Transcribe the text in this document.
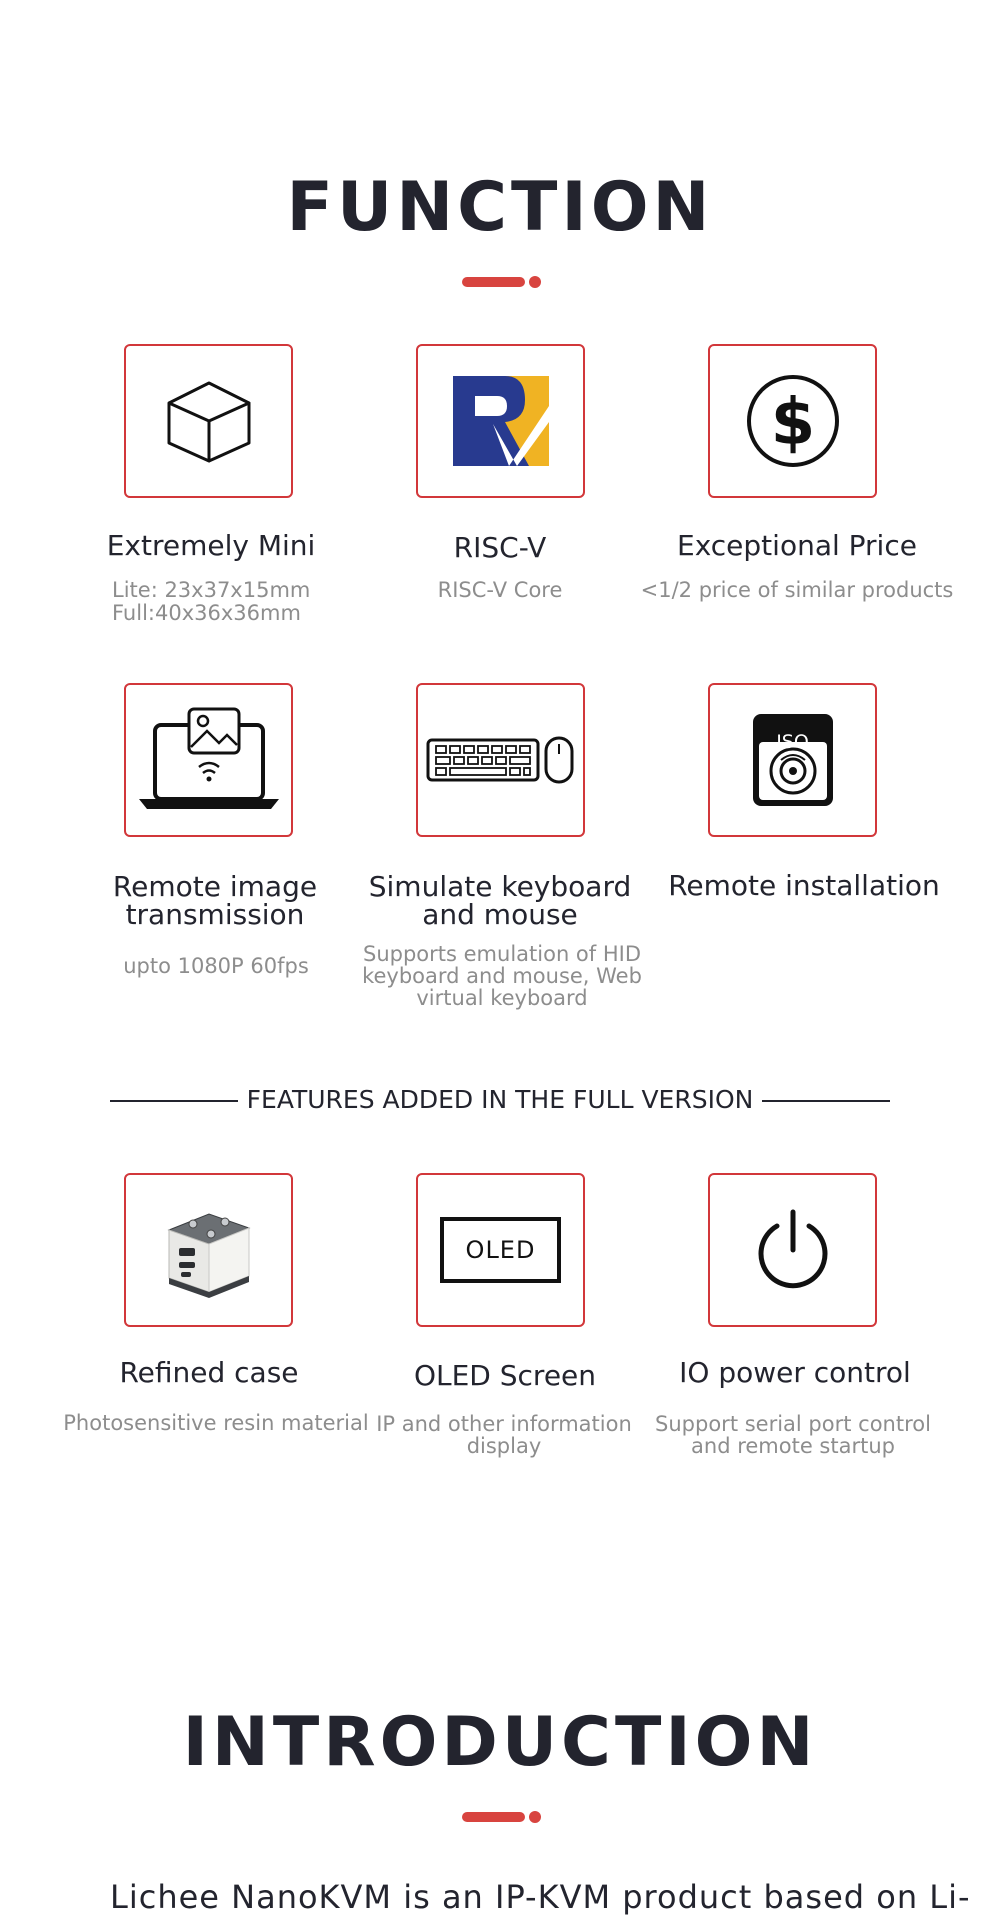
FUNCTION
Extremely Mini
Lite: 23x37x15mm
Full:40x36x36mm
RISC-V
RISC-V Core
$
Exceptional Price
<1/2 price of similar products
Remote image transmission
upto 1080P 60fps
Simulate keyboard and mouse
Supports emulation of HID keyboard and mouse, Web virtual keyboard
ISO
Remote installation
FEATURES ADDED IN THE FULL VERSION
Refined case
Photosensitive resin material
OLED
OLED Screen
IP and other information display
IO power control
Support serial port control and remote startup
INTRODUCTION
Lichee NanoKVM is an IP-KVM product based on Li-
